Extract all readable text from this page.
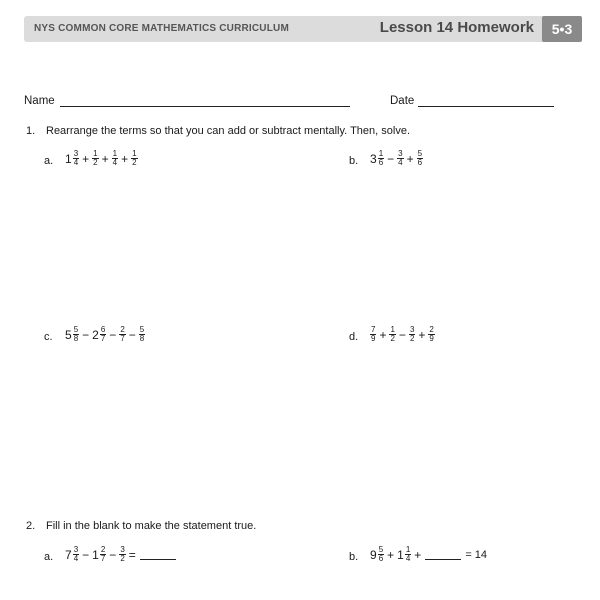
NYS COMMON CORE MATHEMATICS CURRICULUM	Lesson 14 Homework	5•3
Name	Date
1. Rearrange the terms so that you can add or subtract mentally. Then, solve.
a. $1 \frac{3}{4} + \frac{1}{2} + \frac{1}{4} + \frac{1}{2}$	b. $3 \frac{1}{6} - \frac{3}{4} + \frac{5}{6}$
c. $5 \frac{5}{8} - 2 \frac{6}{7} - \frac{2}{7} - \frac{5}{8}$	d. $\frac{7}{9} + \frac{1}{2} - \frac{3}{2} + \frac{2}{9}$
2. Fill in the blank to make the statement true.
a. $7 \frac{3}{4} - 1 \frac{2}{7} - \frac{3}{2}$ =	b. $9 \frac{5}{6} + 1 \frac{1}{4}$ +	= 14
